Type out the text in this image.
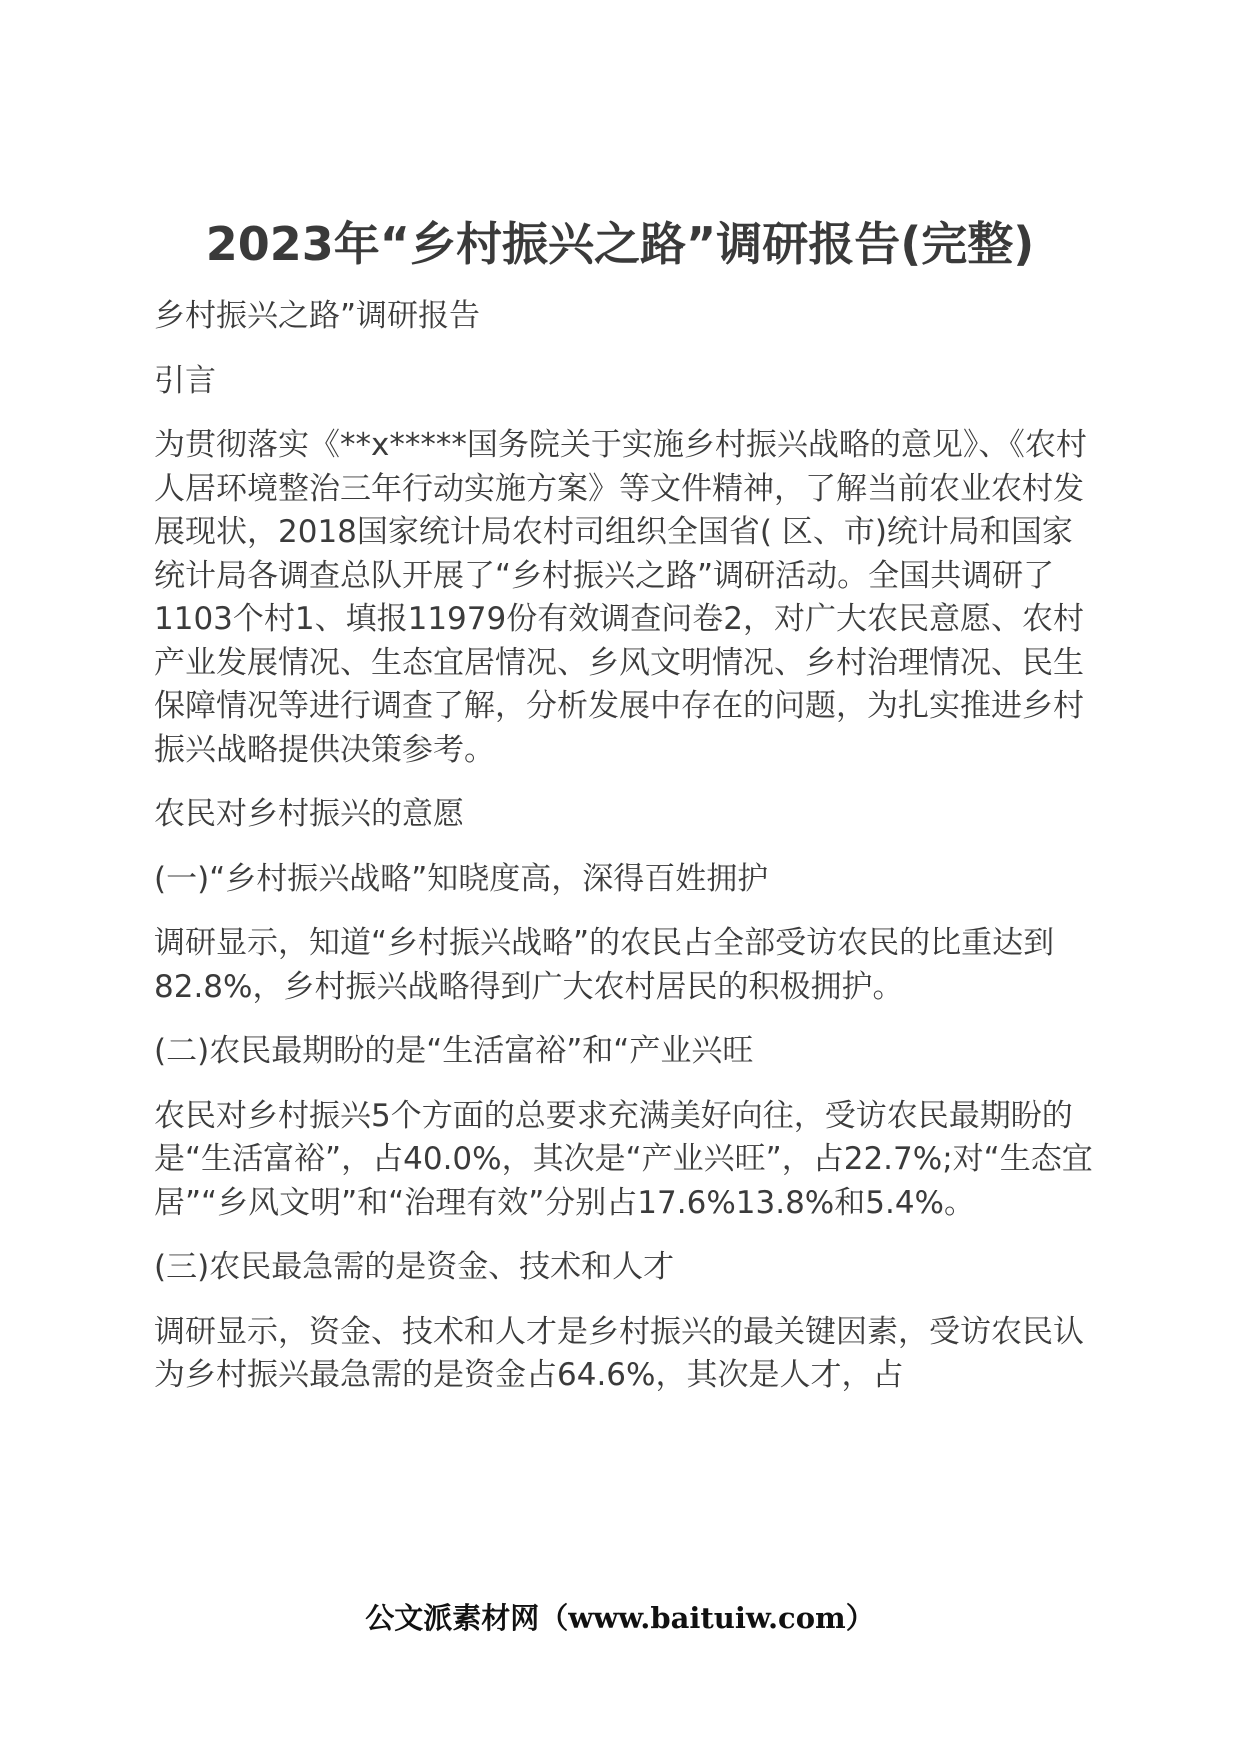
2023年“乡村振兴之路”调研报告(完整)

乡村振兴之路”调研报告

引言

为贯彻落实《**x*****国务院关于实施乡村振兴战略的意见》、《农村人居环境整治三年行动实施方案》等文件精神，了解当前农业农村发展现状，2018国家统计局农村司组织全国省( 区、市)统计局和国家统计局各调查总队开展了“乡村振兴之路”调研活动。全国共调研了1103个村1、填报11979份有效调查问卷2，对广大农民意愿、农村产业发展情况、生态宜居情况、乡风文明情况、乡村治理情况、民生保障情况等进行调查了解，分析发展中存在的问题，为扎实推进乡村振兴战略提供决策参考。

农民对乡村振兴的意愿

(一)“乡村振兴战略”知晓度高，深得百姓拥护

调研显示，知道“乡村振兴战略”的农民占全部受访农民的比重达到82.8%，乡村振兴战略得到广大农村居民的积极拥护。

(二)农民最期盼的是“生活富裕”和“产业兴旺

农民对乡村振兴5个方面的总要求充满美好向往，受访农民最期盼的是“生活富裕”，占40.0%，其次是“产业兴旺”，占22.7%;对“生态宜居”“乡风文明”和“治理有效”分别占17.6%13.8%和5.4%。

(三)农民最急需的是资金、技术和人才

调研显示，资金、技术和人才是乡村振兴的最关键因素，受访农民认为乡村振兴最急需的是资金占64.6%，其次是人才，占

公文派素材网（www.baituiw.com）
